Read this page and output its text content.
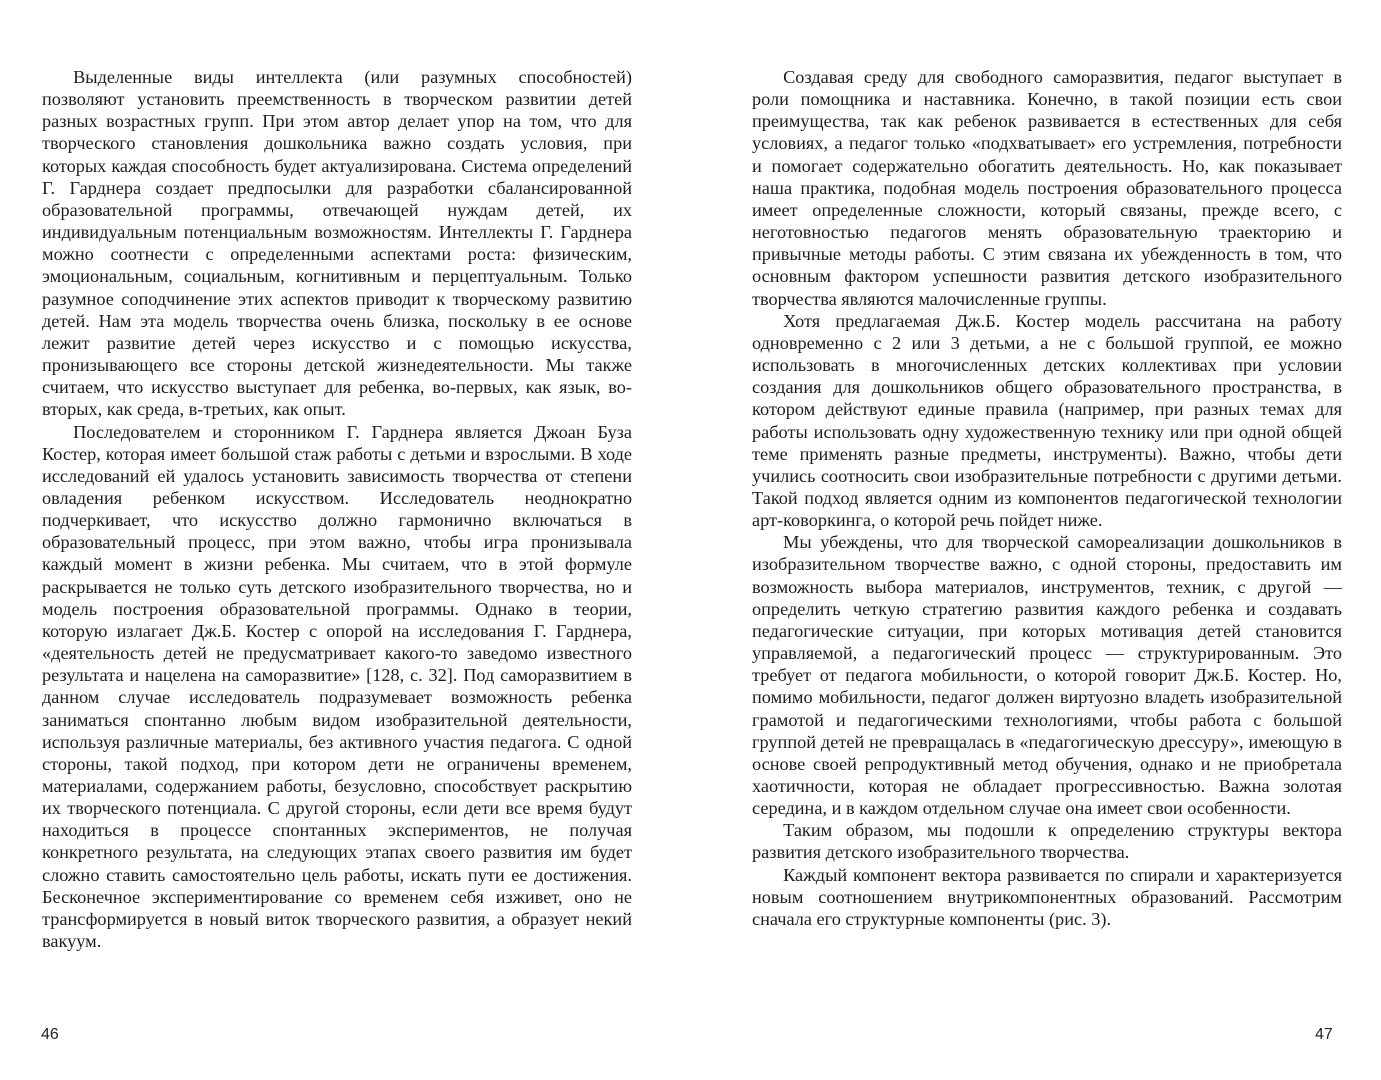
Выделенные виды интеллекта (или разумных способностей) позволяют установить преемственность в творческом развитии детей разных возрастных групп. При этом автор делает упор на том, что для творческого становления дошкольника важно создать условия, при которых каждая способность будет актуализирована. Система определений Г. Гарднера создает предпосылки для разработки сбалансированной образовательной программы, отвечающей нуждам детей, их индивидуальным потенциальным возможностям. Интеллекты Г. Гарднера можно соотнести с определенными аспектами роста: физическим, эмоциональным, социальным, когнитивным и перцептуальным. Только разумное соподчинение этих аспектов приводит к творческому развитию детей. Нам эта модель творчества очень близка, поскольку в ее основе лежит развитие детей через искусство и с помощью искусства, пронизывающего все стороны детской жизнедеятельности. Мы также считаем, что искусство выступает для ребенка, во-первых, как язык, во-вторых, как среда, в-третьих, как опыт.

Последователем и сторонником Г. Гарднера является Джоан Буза Костер, которая имеет большой стаж работы с детьми и взрослыми. В ходе исследований ей удалось установить зависимость творчества от степени овладения ребенком искусством. Исследователь неоднократно подчеркивает, что искусство должно гармонично включаться в образовательный процесс, при этом важно, чтобы игра пронизывала каждый момент в жизни ребенка. Мы считаем, что в этой формуле раскрывается не только суть детского изобразительного творчества, но и модель построения образовательной программы. Однако в теории, которую излагает Дж.Б. Костер с опорой на исследования Г. Гарднера, «деятельность детей не предусматривает какого-то заведомо известного результата и нацелена на саморазвитие» [128, с. 32]. Под саморазвитием в данном случае исследователь подразумевает возможность ребенка заниматься спонтанно любым видом изобразительной деятельности, используя различные материалы, без активного участия педагога. С одной стороны, такой подход, при котором дети не ограничены временем, материалами, содержанием работы, безусловно, способствует раскрытию их творческого потенциала. С другой стороны, если дети все время будут находиться в процессе спонтанных экспериментов, не получая конкретного результата, на следующих этапах своего развития им будет сложно ставить самостоятельно цель работы, искать пути ее достижения. Бесконечное экспериментирование со временем себя изживет, оно не трансформируется в новый виток творческого развития, а образует некий вакуум.

Создавая среду для свободного саморазвития, педагог выступает в роли помощника и наставника. Конечно, в такой позиции есть свои преимущества, так как ребенок развивается в естественных для себя условиях, а педагог только «подхватывает» его устремления, потребности и помогает содержательно обогатить деятельность. Но, как показывает наша практика, подобная модель построения образовательного процесса имеет определенные сложности, который связаны, прежде всего, с неготовностью педагогов менять образовательную траекторию и привычные методы работы. С этим связана их убежденность в том, что основным фактором успешности развития детского изобразительного творчества являются малочисленные группы.

Хотя предлагаемая Дж.Б. Костер модель рассчитана на работу одновременно с 2 или 3 детьми, а не с большой группой, ее можно использовать в многочисленных детских коллективах при условии создания для дошкольников общего образовательного пространства, в котором действуют единые правила (например, при разных темах для работы использовать одну художественную технику или при одной общей теме применять разные предметы, инструменты). Важно, чтобы дети учились соотносить свои изобразительные потребности с другими детьми. Такой подход является одним из компонентов педагогической технологии арт-коворкинга, о которой речь пойдет ниже.

Мы убеждены, что для творческой самореализации дошкольников в изобразительном творчестве важно, с одной стороны, предоставить им возможность выбора материалов, инструментов, техник, с другой — определить четкую стратегию развития каждого ребенка и создавать педагогические ситуации, при которых мотивация детей становится управляемой, а педагогический процесс — структурированным. Это требует от педагога мобильности, о которой говорит Дж.Б. Костер. Но, помимо мобильности, педагог должен виртуозно владеть изобразительной грамотой и педагогическими технологиями, чтобы работа с большой группой детей не превращалась в «педагогическую дрессуру», имеющую в основе своей репродуктивный метод обучения, однако и не приобретала хаотичности, которая не обладает прогрессивностью. Важна золотая середина, и в каждом отдельном случае она имеет свои особенности.

Таким образом, мы подошли к определению структуры вектора развития детского изобразительного творчества.

Каждый компонент вектора развивается по спирали и характеризуется новым соотношением внутрикомпонентных образований. Рассмотрим сначала его структурные компоненты (рис. 3).

46	47
